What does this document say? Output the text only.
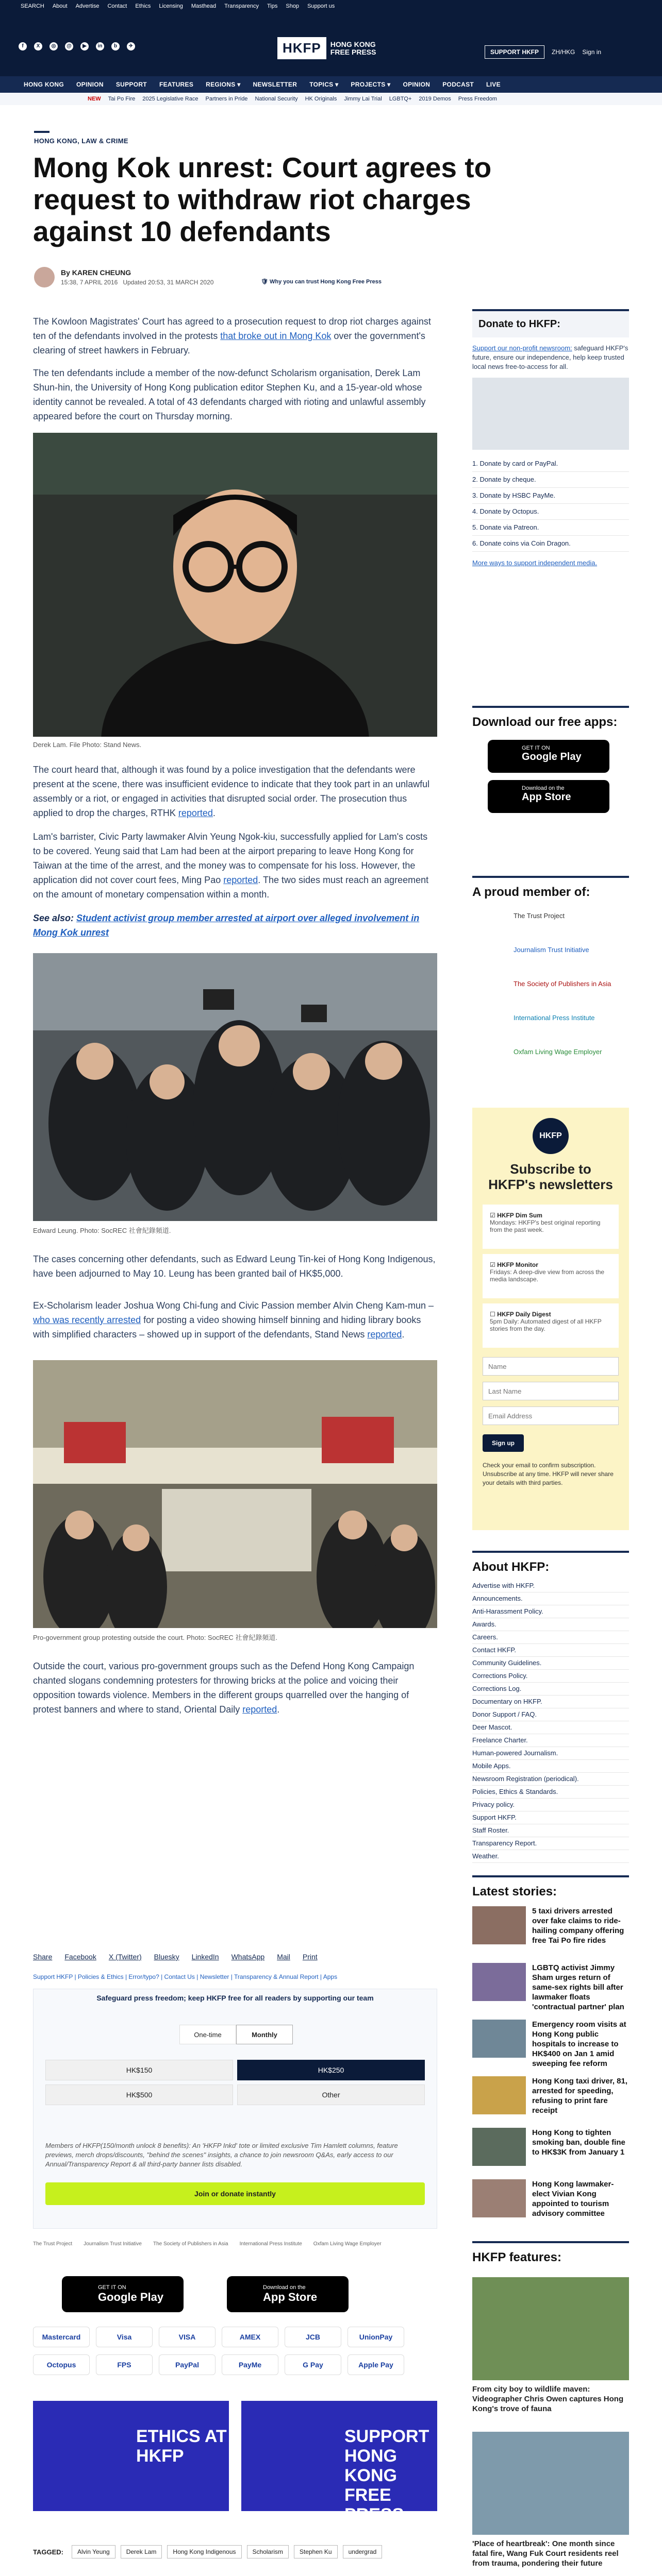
SEARCH About Advertise Contact Ethics Licensing Masthead Transparency Tips Shop Support us
f	X	◎	@	▶	in	b	✈	HKFP	HONG KONG
FREE PRESS	SUPPORT HKFP	ZH/HKG Sign in
HONG KONG OPINION SUPPORT FEATURES REGIONS ▾ NEWSLETTER TOPICS ▾ PROJECTS ▾ OPINION PODCAST LIVE
NEW Tai Po Fire 2025 Legislative Race Partners in Pride National Security HK Originals Jimmy Lai Trial LGBTQ+ 2019 Demos Press Freedom
HONG KONG, LAW & CRIME
Mong Kok unrest: Court agrees to request to withdraw riot charges against 10 defendants
By KAREN CHEUNG
15:38, 7 APRIL 2016 Updated 20:53, 31 MARCH 2020	🛡 Why you can trust Hong Kong Free Press

The Kowloon Magistrates' Court has agreed to a prosecution request to drop riot charges against ten of the defendants involved in the protests that broke out in Mong Kok over the government's clearing of street hawkers in February.

The ten defendants include a member of the now-defunct Scholarism organisation, Derek Lam Shun-hin, the University of Hong Kong publication editor Stephen Ku, and a 15-year-old whose identity cannot be revealed. A total of 43 defendants charged with rioting and unlawful assembly appeared before the court on Thursday morning.

Derek Lam. File Photo: Stand News.

The court heard that, although it was found by a police investigation that the defendants were present at the scene, there was insufficient evidence to indicate that they took part in an unlawful assembly or a riot, or engaged in activities that disrupted social order. The prosecution thus applied to drop the charges, RTHK reported.

Lam's barrister, Civic Party lawmaker Alvin Yeung Ngok-kiu, successfully applied for Lam's costs to be covered. Yeung said that Lam had been at the airport preparing to leave Hong Kong for Taiwan at the time of the arrest, and the money was to compensate for his loss. However, the application did not cover court fees, Ming Pao reported. The two sides must reach an agreement on the amount of monetary compensation within a month.

See also: Student activist group member arrested at airport over alleged involvement in Mong Kok unrest

Edward Leung. Photo: SocREC 社會紀錄頻道.

The cases concerning other defendants, such as Edward Leung Tin-kei of Hong Kong Indigenous, have been adjourned to May 10. Leung has been granted bail of HK$5,000.

Ex-Scholarism leader Joshua Wong Chi-fung and Civic Passion member Alvin Cheng Kam-mun – who was recently arrested for posting a video showing himself binning and hiding library books with simplified characters – showed up in support of the defendants, Stand News reported.

Pro-government group protesting outside the court. Photo: SocREC 社會紀錄頻道.

Outside the court, various pro-government groups such as the Defend Hong Kong Campaign chanted slogans condemning protesters for throwing bricks at the police and voicing their opposition towards violence. Members in the different groups quarrelled over the hanging of protest banners and where to stand, Oriental Daily reported.

Share Facebook X (Twitter) Bluesky LinkedIn WhatsApp Mail Print
Support HKFP | Policies & Ethics | Error/typo? | Contact Us | Newsletter | Transparency & Annual Report | Apps
Safeguard press freedom; keep HKFP free for all readers by supporting our team
One-time	Monthly
HK$150	HK$250
HK$500	Other
Members of HKFP(150/month unlock 8 benefits): An 'HKFP Inkd' tote or limited exclusive Tim Hamlett columns, feature previews, merch drops/discounts, "behind the scenes" insights, a chance to join newsroom Q&As, early access to our Annual/Transparency Report & all third-party banner lists disabled.
Join or donate instantly
The Trust Project Journalism Trust Initiative The Society of Publishers in Asia International Press Institute Oxfam Living Wage Employer
GET IT ON
Google Play
Download on the
App Store
Mastercard	Visa	VISA	AMEX	JCB	UnionPay
Octopus	FPS	PayPal	PayMe	G Pay	Apple Pay
ETHICS AT HKFP
SUPPORT HONG KONG FREE PRESS
TAGGED:	Alvin Yeung	Derek Lam	Hong Kong Indigenous	Scholarism	Stephen Ku	undergrad

Donate to HKFP:

Support our non-profit newsroom: safeguard HKFP's future, ensure our independence, help keep trusted local news free-to-access for all.

1. Donate by card or PayPal.
2. Donate by cheque.
3. Donate by HSBC PayMe.
4. Donate by Octopus.
5. Donate via Patreon.
6. Donate coins via Coin Dragon.
More ways to support independent media.
Download our free apps:
GET IT ON
Google Play
Download on the
App Store
A proud member of:
The Trust Project
Journalism Trust Initiative
The Society of Publishers in Asia
International Press Institute
Oxfam Living Wage Employer
HKFP
Subscribe to HKFP's newsletters
☑ HKFP Dim Sum
Mondays: HKFP's best original reporting from the past week.
☑ HKFP Monitor
Fridays: A deep-dive view from across the media landscape.
☐ HKFP Daily Digest
5pm Daily: Automated digest of all HKFP stories from the day.
Name
Last Name
Email Address
Sign up

Check your email to confirm subscription. Unsubscribe at any time. HKFP will never share your details with third parties.

About HKFP:
Advertise with HKFP.
Announcements.
Anti-Harassment Policy.
Awards.
Careers.
Contact HKFP.
Community Guidelines.
Corrections Policy.
Corrections Log.
Documentary on HKFP.
Donor Support / FAQ.
Deer Mascot.
Freelance Charter.
Human-powered Journalism.
Mobile Apps.
Newsroom Registration (periodical).
Policies, Ethics & Standards.
Privacy policy.
Support HKFP.
Staff Roster.
Transparency Report.
Weather.
Latest stories:
5 taxi drivers arrested over fake claims to ride-hailing company offering free Tai Po fire rides
LGBTQ activist Jimmy Sham urges return of same-sex rights bill after lawmaker floats 'contractual partner' plan
Emergency room visits at Hong Kong public hospitals to increase to HK$400 on Jan 1 amid sweeping fee reform
Hong Kong taxi driver, 81, arrested for speeding, refusing to print fare receipt
Hong Kong to tighten smoking ban, double fine to HK$3K from January 1
Hong Kong lawmaker-elect Vivian Kong appointed to tourism advisory committee
HKFP features:
From city boy to wildlife maven: Videographer Chris Owen captures Hong Kong's trove of fauna
'Place of heartbreak': One month since fatal fire, Wang Fuk Court residents reel from trauma, pondering their future
